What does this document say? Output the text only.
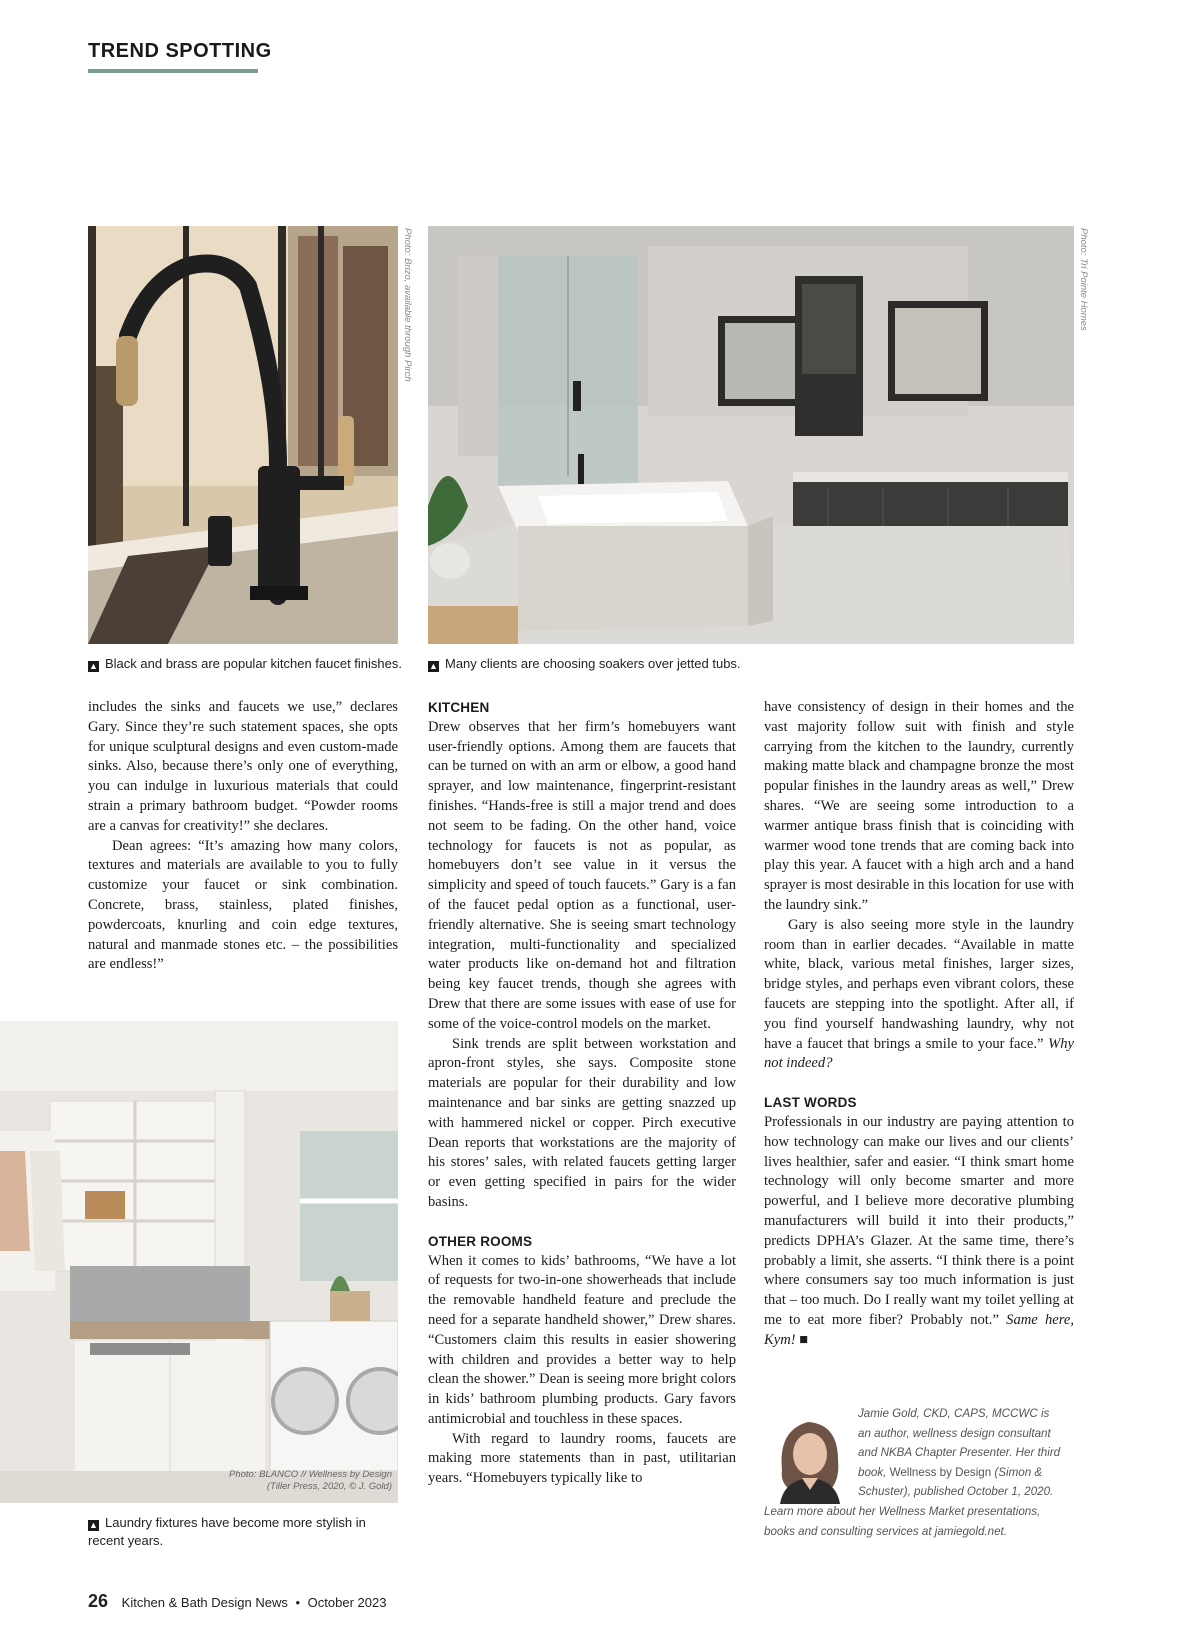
TREND SPOTTING
Photo: Brizo, available through Pirch	Photo: Tri Pointe Homes
▲ Black and brass are popular kitchen faucet finishes.	▲ Many clients are choosing soakers over jetted tubs.

includes the sinks and faucets we use,” declares Gary. Since they’re such statement spaces, she opts for unique sculptural designs and even custom-made sinks. Also, because there’s only one of everything, you can indulge in luxurious materials that could strain a primary bathroom budget. “Powder rooms are a canvas for creativity!” she declares.

Dean agrees: “It’s amazing how many colors, textures and materials are available to you to fully customize your faucet or sink combination. Concrete, brass, stainless, plated finishes, powdercoats, knurling and coin edge textures, natural and manmade stones etc. – the possibilities are endless!”

Photo: BLANCO // Wellness by Design
(Tiller Press, 2020, © J. Gold)
▲ Laundry fixtures have become more stylish in recent years.
KITCHEN

Drew observes that her firm’s homebuyers want user-friendly options. Among them are faucets that can be turned on with an arm or elbow, a good hand sprayer, and low maintenance, fingerprint-resistant finishes. “Hands-free is still a major trend and does not seem to be fading. On the other hand, voice technology for faucets is not as popular, as homebuyers don’t see value in it versus the simplicity and speed of touch faucets.” Gary is a fan of the faucet pedal option as a functional, user-friendly alternative. She is seeing smart technology integration, multi-functionality and specialized water products like on-demand hot and filtration being key faucet trends, though she agrees with Drew that there are some issues with ease of use for some of the voice-control models on the market.

Sink trends are split between workstation and apron-front styles, she says. Composite stone materials are popular for their durability and low maintenance and bar sinks are getting snazzed up with hammered nickel or copper. Pirch executive Dean reports that workstations are the majority of his stores’ sales, with related faucets getting larger or even getting specified in pairs for the wider basins.

OTHER ROOMS

When it comes to kids’ bathrooms, “We have a lot of requests for two-in-one showerheads that include the removable handheld feature and preclude the need for a separate handheld shower,” Drew shares. “Customers claim this results in easier showering with children and provides a better way to help clean the shower.” Dean is seeing more bright colors in kids’ bathroom plumbing products. Gary favors antimicrobial and touchless in these spaces.

With regard to laundry rooms, faucets are making more statements than in past, utilitarian years. “Homebuyers typically like to

have consistency of design in their homes and the vast majority follow suit with finish and style carrying from the kitchen to the laundry, currently making matte black and champagne bronze the most popular finishes in the laundry areas as well,” Drew shares. “We are seeing some introduction to a warmer antique brass finish that is coinciding with warmer wood tone trends that are coming back into play this year. A faucet with a high arch and a hand sprayer is most desirable in this location for use with the laundry sink.”

Gary is also seeing more style in the laundry room than in earlier decades. “Available in matte white, black, various metal finishes, larger sizes, bridge styles, and perhaps even vibrant colors, these faucets are stepping into the spotlight. After all, if you find yourself handwashing laundry, why not have a faucet that brings a smile to your face.” Why not indeed?

LAST WORDS

Professionals in our industry are paying attention to how technology can make our lives and our clients’ lives healthier, safer and easier. “I think smart home technology will only become smarter and more powerful, and I believe more decorative plumbing manufacturers will build it into their products,” predicts DPHA’s Glazer. At the same time, there’s probably a limit, she asserts. “I think there is a point where consumers say too much information is just that – too much. Do I really want my toilet yelling at me to eat more fiber? Probably not.” Same here, Kym! ■

Jamie Gold, CKD, CAPS, MCCWC is
an author, wellness design consultant
and NKBA Chapter Presenter. Her third
book, Wellness by Design (Simon &
Schuster), published October 1, 2020.
Learn more about her Wellness Market presentations,
books and consulting services at jamiegold.net.
26 Kitchen & Bath Design News • October 2023
